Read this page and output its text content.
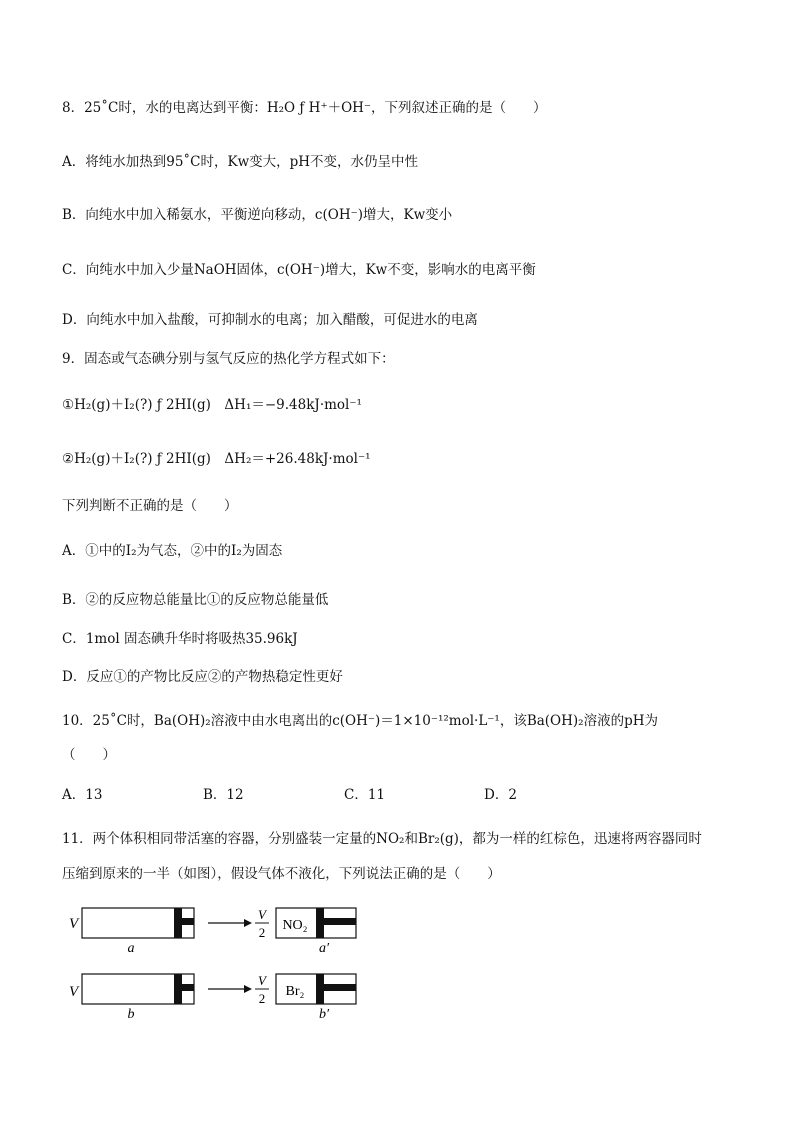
8．25˚C时，水的电离达到平衡：H₂O ƒ H⁺＋OH⁻，下列叙述正确的是（　　）
A．将纯水加热到95˚C时，Kw变大，pH不变，水仍呈中性
B．向纯水中加入稀氨水，平衡逆向移动，c(OH⁻)增大，Kw变小
C．向纯水中加入少量NaOH固体，c(OH⁻)增大，Kw不变，影响水的电离平衡
D．向纯水中加入盐酸，可抑制水的电离；加入醋酸，可促进水的电离
9．固态或气态碘分别与氢气反应的热化学方程式如下：
①H₂(g)＋I₂(?) ƒ 2HI(g)　ΔH₁＝−9.48kJ·mol⁻¹
②H₂(g)＋I₂(?) ƒ 2HI(g)　ΔH₂＝+26.48kJ·mol⁻¹
下列判断不正确的是（　　）
A．①中的I₂为气态，②中的I₂为固态
B．②的反应物总能量比①的反应物总能量低
C．1mol 固态碘升华时将吸热35.96kJ
D．反应①的产物比反应②的产物热稳定性更好
10．25˚C时，Ba(OH)₂溶液中由水电离出的c(OH⁻)＝1×10⁻¹²mol·L⁻¹，该Ba(OH)₂溶液的pH为
（　　）
A．13	B．12	C．11	D．2
11．两个体积相同带活塞的容器，分别盛装一定量的NO₂和Br₂(g)，都为一样的红棕色，迅速将两容器同时
压缩到原来的一半（如图），假设气体不液化，下列说法正确的是（　　）
V
a
V
2 NO₂
a′
V
b
V
2 Br₂
b′
